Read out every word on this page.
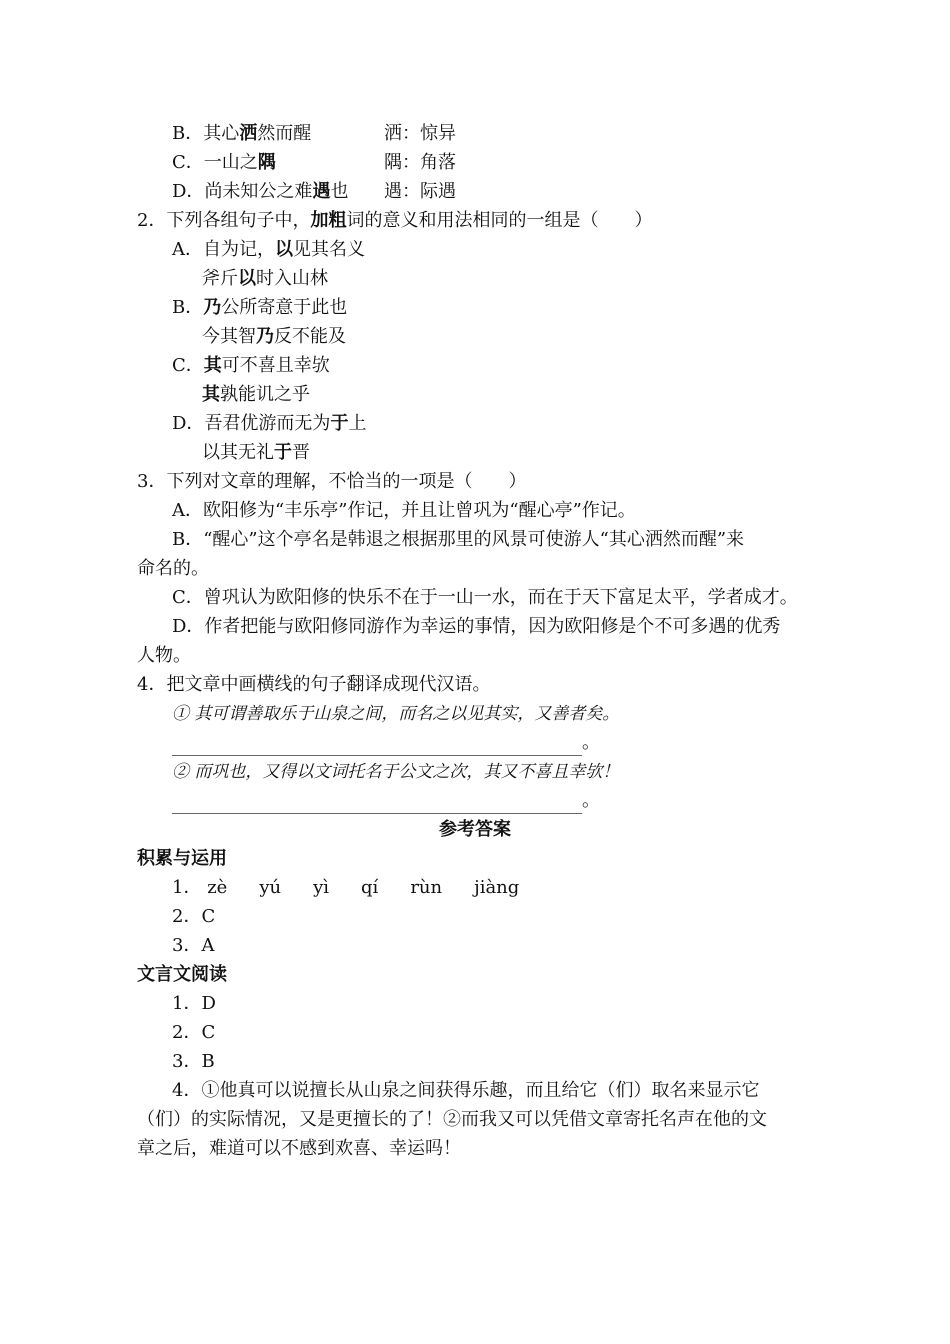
B．其心洒然而醒	洒：惊异
C．一山之隅	隅：角落
D．尚未知公之难遇也 遇：际遇
2．下列各组句子中，加粗词的意义和用法相同的一组是（　　）
A．自为记，以见其名义
斧斤以时入山林
B．乃公所寄意于此也
今其智乃反不能及
C．其可不喜且幸欤
其孰能讥之乎
D．吾君优游而无为于上
以其无礼于晋
3．下列对文章的理解，不恰当的一项是（　　）
A．欧阳修为“丰乐亭”作记，并且让曾巩为“醒心亭”作记。
B．“醒心”这个亭名是韩退之根据那里的风景可使游人“其心洒然而醒”来
命名的。
C．曾巩认为欧阳修的快乐不在于一山一水，而在于天下富足太平，学者成才。
D．作者把能与欧阳修同游作为幸运的事情，因为欧阳修是个不可多遇的优秀
人物。
4．把文章中画横线的句子翻译成现代汉语。
① 其可谓善取乐于山泉之间，而名之以见其实，又善者矣。
。
② 而巩也，又得以文词托名于公文之次，其又不喜且幸欤！
。
参考答案
积累与运用
1． zè yú yì qí rùn jiàng
2．C
3．A
文言文阅读
1．D
2．C
3．B
4．①他真可以说擅长从山泉之间获得乐趣，而且给它（们）取名来显示它
（们）的实际情况，又是更擅长的了！②而我又可以凭借文章寄托名声在他的文
章之后，难道可以不感到欢喜、幸运吗！
